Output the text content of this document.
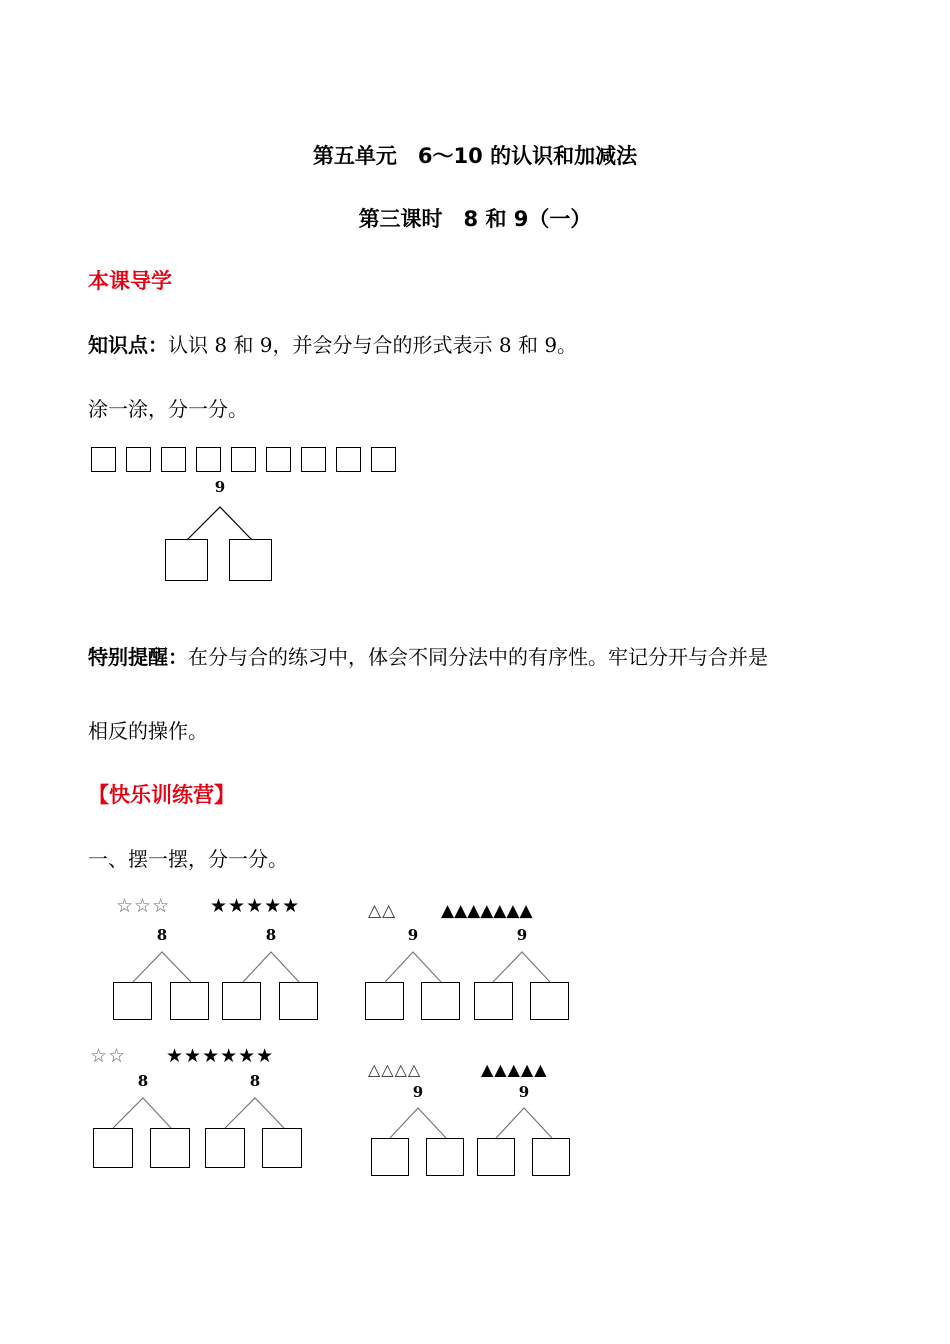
第五单元　6～10 的认识和加减法
第三课时　8 和 9（一）
本课导学
知识点：认识 8 和 9，并会分与合的形式表示 8 和 9。
涂一涂，分一分。
9
特别提醒：在分与合的练习中，体会不同分法中的有序性。牢记分开与合并是
相反的操作。
【快乐训练营】
一、摆一摆，分一分。
☆☆☆
8
★★★★★
8
△△
9
▲▲▲▲▲▲▲
9
☆☆
8
★★★★★★
8
△△△△
9
▲▲▲▲▲
9
